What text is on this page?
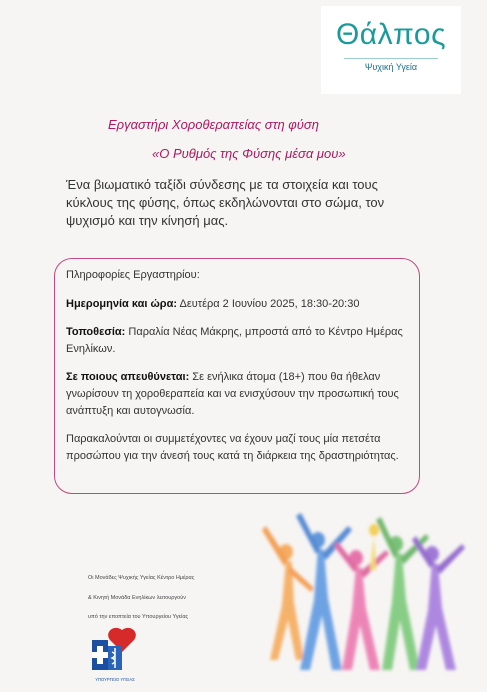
Θάλπος
Ψυχική Υγεία
Εργαστήρι Χοροθεραπείας στη φύση
«Ο Ρυθμός της Φύσης μέσα μου»
Ένα βιωματικό ταξίδι σύνδεσης με τα στοιχεία και τους κύκλους της φύσης, όπως εκδηλώνονται στο σώμα, τον ψυχισμό και την κίνησή μας.
Πληροφορίες Εργαστηρίου:
Ημερομηνία και ώρα: Δευτέρα 2 Ιουνίου 2025, 18:30-20:30
Τοποθεσία: Παραλία Νέας Μάκρης, μπροστά από το Κέντρο Ημέρας Ενηλίκων.
Σε ποιους απευθύνεται: Σε ενήλικα άτομα (18+) που θα ήθελαν γνωρίσουν τη χοροθεραπεία και να ενισχύσουν την προσωπική τους ανάπτυξη και αυτογνωσία.
Παρακαλούνται οι συμμετέχοντες να έχουν μαζί τους μία πετσέτα προσώπου για την άνεσή τους κατά τη διάρκεια της δραστηριότητας.
Οι Μονάδες Ψυχικής Υγείας Κέντρο Ημέρας
& Κινητή Μονάδα Ενηλίκων λειτουργούν
υπό την εποπτεία του Υπουργείου Υγείας
ΥΠΟΥΡΓΕΙΟ ΥΓΕΙΑΣ
